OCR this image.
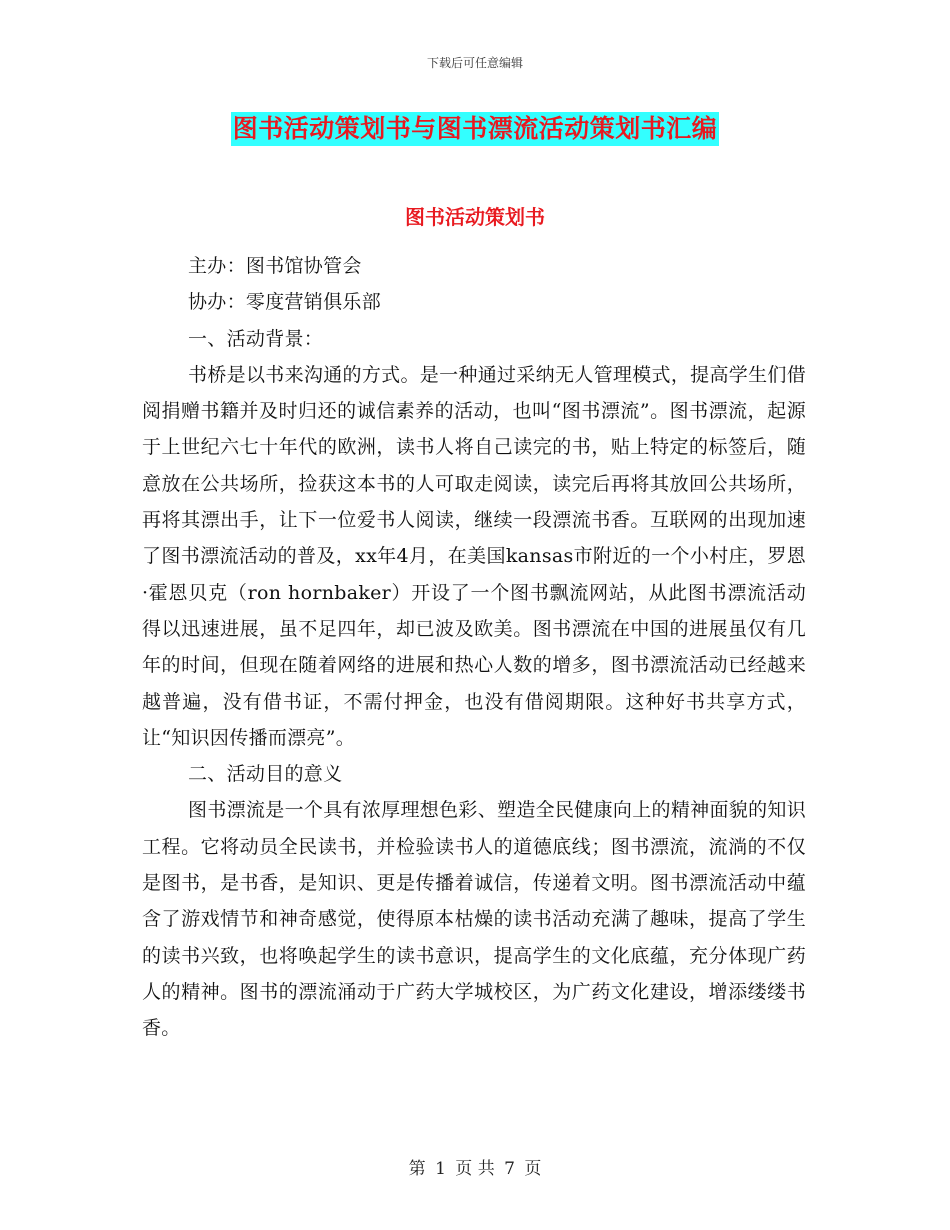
下载后可任意编辑
图书活动策划书与图书漂流活动策划书汇编
图书活动策划书

主办：图书馆协管会

协办：零度营销俱乐部

一、活动背景：

书桥是以书来沟通的方式。是一种通过采纳无人管理模式，提高学生们借阅捐赠书籍并及时归还的诚信素养的活动，也叫“图书漂流”。图书漂流，起源于上世纪六七十年代的欧洲，读书人将自己读完的书，贴上特定的标签后，随意放在公共场所，捡获这本书的人可取走阅读，读完后再将其放回公共场所，再将其漂出手，让下一位爱书人阅读，继续一段漂流书香。互联网的出现加速了图书漂流活动的普及，xx年4月，在美国kansas市附近的一个小村庄，罗恩·霍恩贝克（ron hornbaker）开设了一个图书飘流网站，从此图书漂流活动得以迅速进展，虽不足四年，却已波及欧美。图书漂流在中国的进展虽仅有几年的时间，但现在随着网络的进展和热心人数的增多，图书漂流活动已经越来越普遍，没有借书证，不需付押金，也没有借阅期限。这种好书共享方式，让“知识因传播而漂亮”。

二、活动目的意义

图书漂流是一个具有浓厚理想色彩、塑造全民健康向上的精神面貌的知识工程。它将动员全民读书，并检验读书人的道德底线；图书漂流，流淌的不仅是图书，是书香，是知识、更是传播着诚信，传递着文明。图书漂流活动中蕴含了游戏情节和神奇感觉，使得原本枯燥的读书活动充满了趣味，提高了学生的读书兴致，也将唤起学生的读书意识，提高学生的文化底蕴，充分体现广药人的精神。图书的漂流涌动于广药大学城校区，为广药文化建设，增添缕缕书香。

第 1 页 共 7 页
